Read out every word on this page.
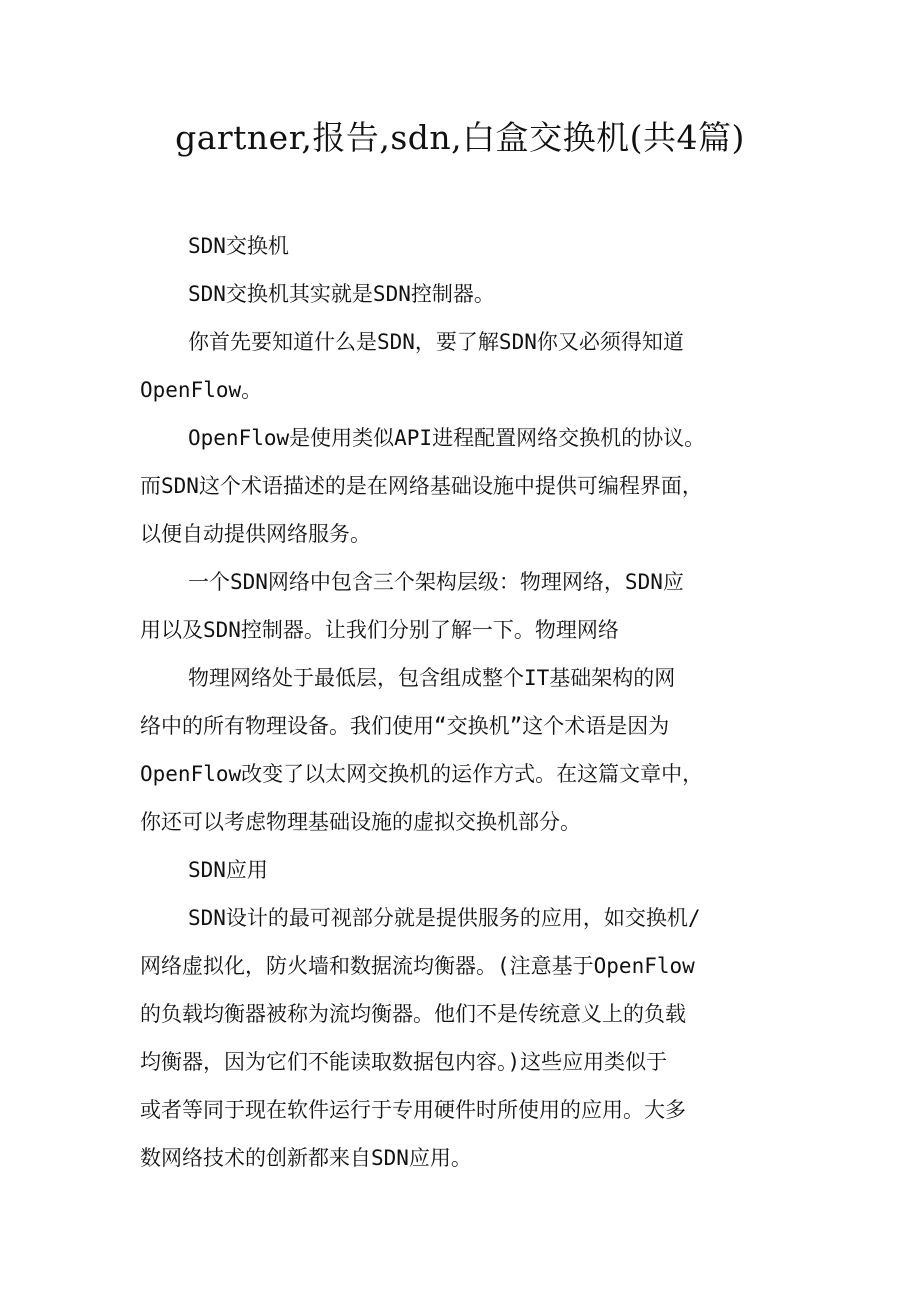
gartner,报告,sdn,白盒交换机(共4篇)

SDN交换机

SDN交换机其实就是SDN控制器。

你首先要知道什么是SDN，要了解SDN你又必须得知道
OpenFlow。

OpenFlow是使用类似API进程配置网络交换机的协议。
而SDN这个术语描述的是在网络基础设施中提供可编程界面，
以便自动提供网络服务。

一个SDN网络中包含三个架构层级：物理网络，SDN应
用以及SDN控制器。让我们分别了解一下。物理网络

物理网络处于最低层，包含组成整个IT基础架构的网
络中的所有物理设备。我们使用“交换机”这个术语是因为
OpenFlow改变了以太网交换机的运作方式。在这篇文章中，
你还可以考虑物理基础设施的虚拟交换机部分。

SDN应用

SDN设计的最可视部分就是提供服务的应用，如交换机/
网络虚拟化，防火墙和数据流均衡器。(注意基于OpenFlow
的负载均衡器被称为流均衡器。他们不是传统意义上的负载
均衡器，因为它们不能读取数据包内容。)这些应用类似于
或者等同于现在软件运行于专用硬件时所使用的应用。大多
数网络技术的创新都来自SDN应用。
